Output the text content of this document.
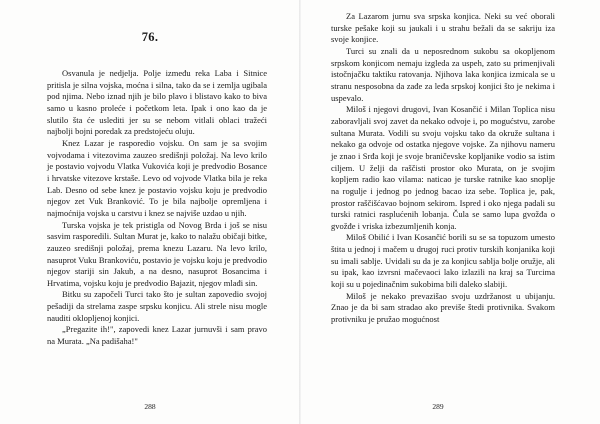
76.

Osvanula je nedjelja. Polje između reka Laba i Sitnice pritisla je silna vojska, moćna i silna, tako da se i zemlja ugibala pod njima. Nebo iznad njih je bilo plavo i blistavo kako to biva samo u kasno proleće i početkom leta. Ipak i ono kao da je slutilo šta će uslediti jer su se nebom vitlali oblaci tražeći najbolji bojni poredak za predstojeću oluju.

Knez Lazar je rasporedio vojsku. On sam je sa svojim vojvodama i vitezovima zauzeo središnji položaj. Na levo krilo je postavio vojvodu Vlatka Vukovića koji je predvodio Bosance i hrvatske vitezove krstaše. Levo od vojvode Vlatka bila je reka Lab. Desno od sebe knez je postavio vojsku koju je predvodio njegov zet Vuk Branković. To je bila najbolje opremljena i najmoćnija vojska u carstvu i knez se najviše uzdao u njih.

Turska vojska je tek pristigla od Novog Brda i još se nisu sasvim rasporedili. Sultan Murat je, kako to nalažu običaji bitke, zauzeo središnji položaj, prema knezu Lazaru. Na levo krilo, nasuprot Vuku Brankoviću, postavio je vojsku koju je predvodio njegov stariji sin Jakub, a na desno, nasuprot Bosancima i Hrvatima, vojsku koju je predvodio Bajazit, njegov mlađi sin.

Bitku su započeli Turci tako što je sultan zapovedio svojoj pešadiji da strelama zaspe srpsku konjicu. Ali strele nisu mogle nauditi okloplјenoj konjici.

„Pregazite ih!", zapovedi knez Lazar jurnuvši i sam pravo na Murata. „Na padišaha!"

288

Za Lazarom jurnu sva srpska konjica. Neki su već oborali turske pešake koji su jaukali i u strahu bežali da se sakriju iza svoje konjice.

Turci su znali da u neposrednom sukobu sa okoplјenom srpskom konjicom nemaju izgleda za uspeh, zato su primenjivali istočnjačku taktiku ratovanja. Njihova laka konjica izmicala se u stranu nesposobna da zađe za leđa srpskoj konjici što je nekima i uspevalo.

Miloš i njegovi drugovi, Ivan Kosančić i Milan Toplica nisu zaboravljali svoj zavet da nekako odvoje i, po mogućstvu, zarobe sultana Murata. Vodili su svoju vojsku tako da okruže sultana i nekako ga odvoje od ostatka njegove vojske. Za njihovu nameru je znao i Srđa koji je svoje braničevske kopljanike vodio sa istim ciljem. U želji da raščisti prostor oko Murata, on je svojim kopljem radio kao vilama: naticao je turske ratnike kao snoplje na rogulje i jednog po jednog bacao iza sebe. Toplica je, pak, prostor raščišćavao bojnom sekirom. Ispred i oko njega padali su turski ratnici rasplućenih lobanja. Čula se samo lupa gvožđa o gvožđe i vriska izbezumljenih konja.

Miloš Obilić i Ivan Kosančić borili su se sa topuzom umesto štita u jednoj i mačem u drugoj ruci protiv turskih konjanika koji su imali sablje. Uvidali su da je za konjicu sablja bolje oružje, ali su ipak, kao izvrsni mačevaoci lako izlazili na kraj sa Turcima koji su u pojedinačnim sukobima bili daleko slabiji.

Miloš je nekako prevazišao svoju uzdržanost u ubijanju. Znao je da bi sam stradao ako previše štedi protivnika. Svakom protivniku je pružao mogućnost

289
